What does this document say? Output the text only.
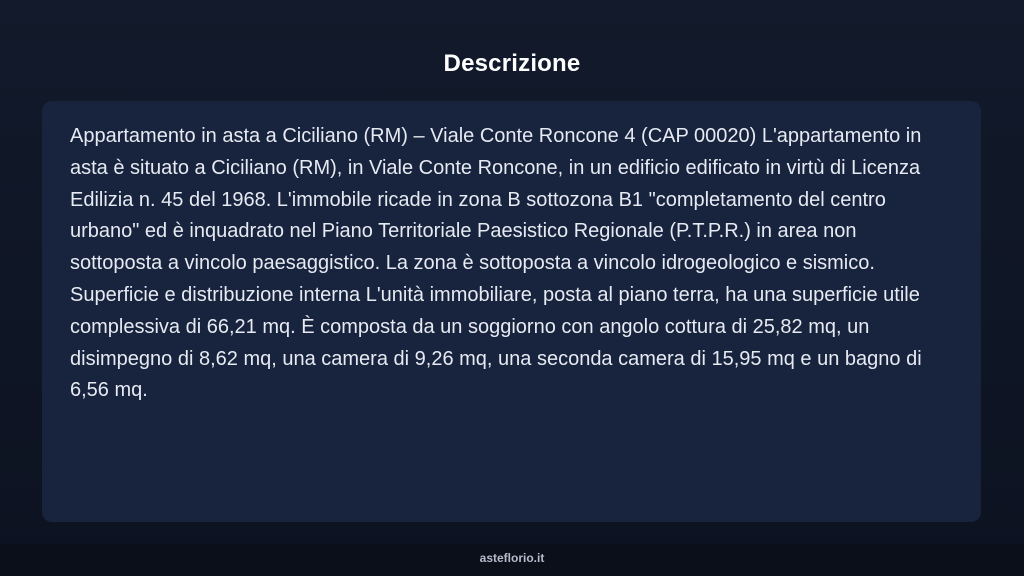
Descrizione

Appartamento in asta a Ciciliano (RM) – Viale Conte Roncone 4 (CAP 00020) L'appartamento in asta è situato a Ciciliano (RM), in Viale Conte Roncone, in un edificio edificato in virtù di Licenza Edilizia n. 45 del 1968. L'immobile ricade in zona B sottozona B1 "completamento del centro urbano" ed è inquadrato nel Piano Territoriale Paesistico Regionale (P.T.P.R.) in area non sottoposta a vincolo paesaggistico. La zona è sottoposta a vincolo idrogeologico e sismico. Superficie e distribuzione interna L'unità immobiliare, posta al piano terra, ha una superficie utile complessiva di 66,21 mq. È composta da un soggiorno con angolo cottura di 25,82 mq, un disimpegno di 8,62 mq, una camera di 9,26 mq, una seconda camera di 15,95 mq e un bagno di 6,56 mq.

asteflorio.it
